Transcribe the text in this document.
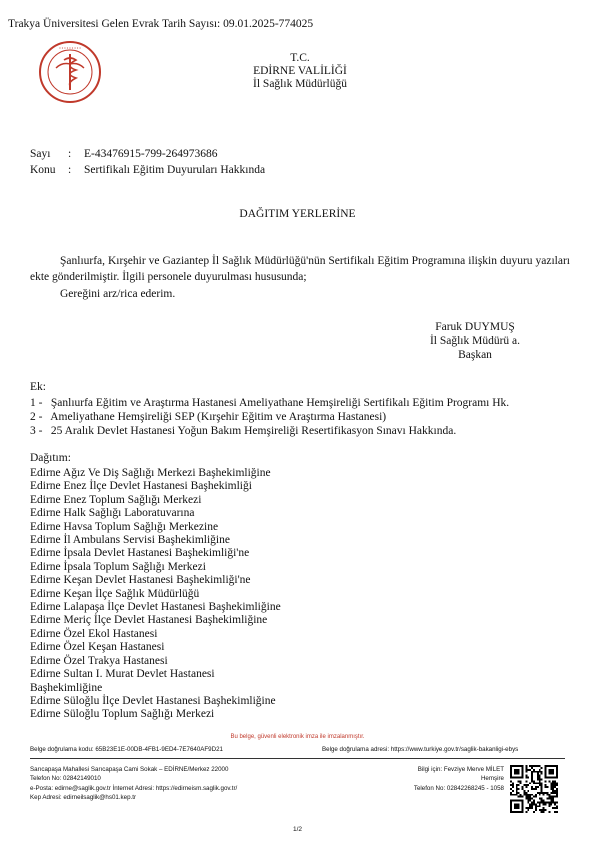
Trakya Üniversitesi Gelen Evrak Tarih Sayısı: 09.01.2025-774025
• • • • • • • • •
T.C.
EDİRNE VALİLİĞİ
İl Sağlık Müdürlüğü
Sayı : E-43476915-799-264973686
Konu : Sertifikalı Eğitim Duyuruları Hakkında
DAĞITIM YERLERİNE
Şanlıurfa, Kırşehir ve Gaziantep İl Sağlık Müdürlüğü'nün Sertifikalı Eğitim Programına ilişkin duyuru yazıları ekte gönderilmiştir. İlgili personele duyurulması hususunda;
Gereğini arz/rica ederim.
Faruk DUYMUŞ
İl Sağlık Müdürü a.
Başkan
Ek:
1 - Şanlıurfa Eğitim ve Araştırma Hastanesi Ameliyathane Hemşireliği Sertifikalı Eğitim Programı Hk.
2 - Ameliyathane Hemşireliği SEP (Kırşehir Eğitim ve Araştırma Hastanesi)
3 - 25 Aralık Devlet Hastanesi Yoğun Bakım Hemşireliği Resertifikasyon Sınavı Hakkında.
Dağıtım:
Edirne Ağız Ve Diş Sağlığı Merkezi Başhekimliğine
Edirne Enez İlçe Devlet Hastanesi Başhekimliği
Edirne Enez Toplum Sağlığı Merkezi
Edirne Halk Sağlığı Laboratuvarına
Edirne Havsa Toplum Sağlığı Merkezine
Edirne İl Ambulans Servisi Başhekimliğine
Edirne İpsala Devlet Hastanesi Başhekimliği'ne
Edirne İpsala Toplum Sağlığı Merkezi
Edirne Keşan Devlet Hastanesi Başhekimliği'ne
Edirne Keşan İlçe Sağlık Müdürlüğü
Edirne Lalapaşa İlçe Devlet Hastanesi Başhekimliğine
Edirne Meriç İlçe Devlet Hastanesi Başhekimliğine
Edirne Özel Ekol Hastanesi
Edirne Özel Keşan Hastanesi
Edirne Özel Trakya Hastanesi
Edirne Sultan I. Murat Devlet Hastanesi
Başhekimliğine
Edirne Süloğlu İlçe Devlet Hastanesi Başhekimliğine
Edirne Süloğlu Toplum Sağlığı Merkezi
Bu belge, güvenli elektronik imza ile imzalanmıştır.
Belge doğrulama kodu: 65B23E1E-00DB-4FB1-9ED4-7E7640AF9D21	Belge doğrulama adresi: https://www.turkiye.gov.tr/saglik-bakanligi-ebys
Sarıcapaşa Mahallesi Sarıcapaşa Cami Sokak – EDİRNE/Merkez 22000
Telefon No: 02842149010
e-Posta: edirne@saglik.gov.tr İnternet Adresi: https://edirneism.saglik.gov.tr/
Kep Adresi: edirneilsaglik@hs01.kep.tr
Bilgi için: Fevziye Merve MİLET
Hemşire
Telefon No: 02842268245 - 1058
1/2
